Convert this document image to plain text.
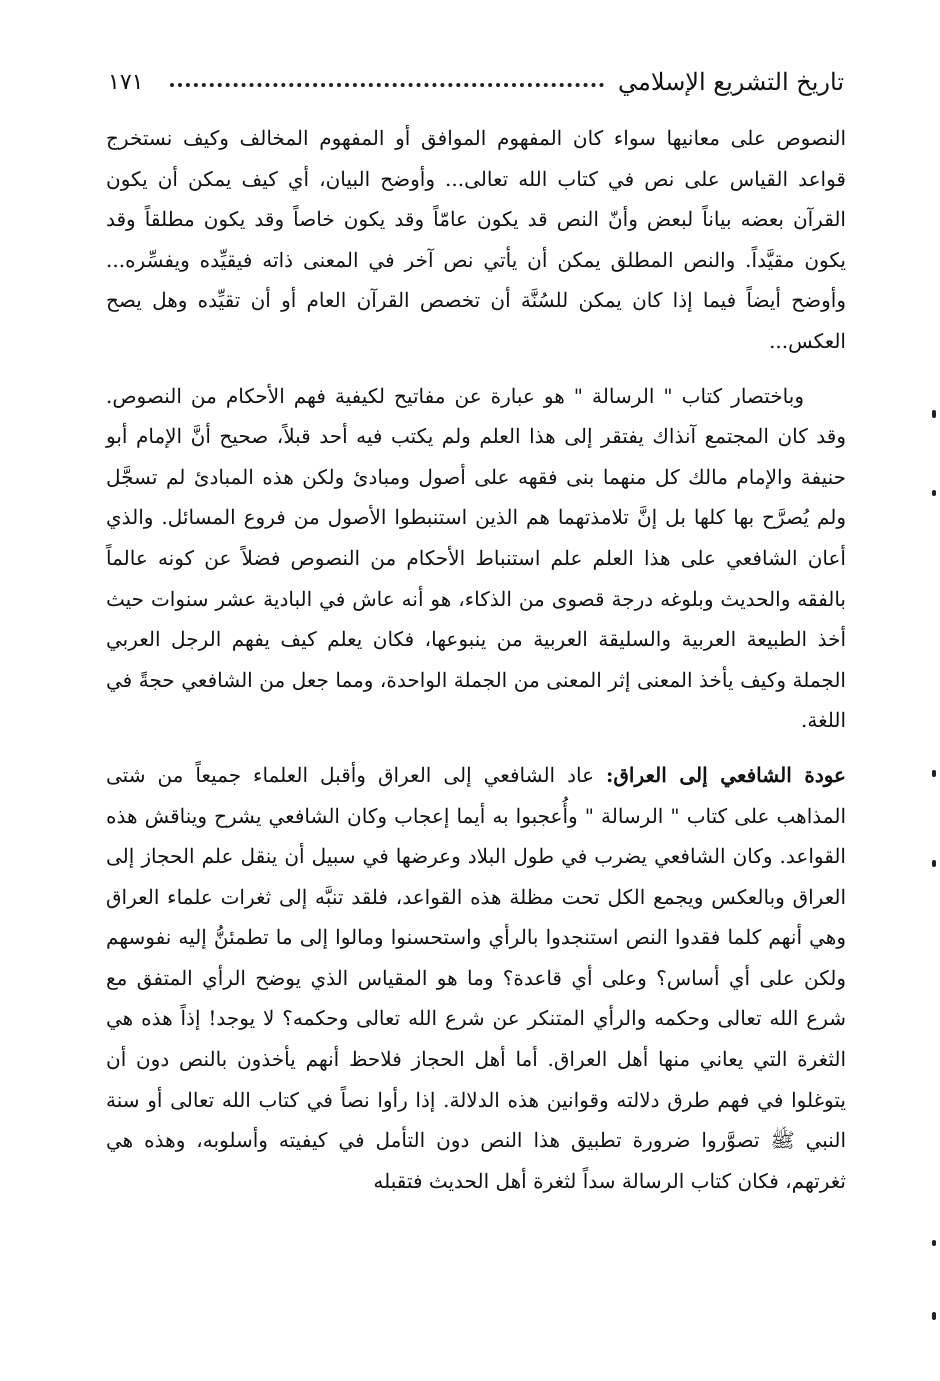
١٧١	تاريخ التشريع الإسلامي

النصوص على معانيها سواء كان المفهوم الموافق أو المفهوم المخالف وكيف نستخرج قواعد القياس على نص في كتاب الله تعالى... وأوضح البيان، أي كيف يمكن أن يكون القرآن بعضه بياناً لبعض وأنّ النص قد يكون عامّاً وقد يكون خاصاً وقد يكون مطلقاً وقد يكون مقيَّداً. والنص المطلق يمكن أن يأتي نص آخر في المعنى ذاته فيقيِّده ويفسِّره... وأوضح أيضاً فيما إذا كان يمكن للسُنَّة أن تخصص القرآن العام أو أن تقيِّده وهل يصح العكس...

وباختصار كتاب " الرسالة " هو عبارة عن مفاتيح لكيفية فهم الأحكام من النصوص. وقد كان المجتمع آنذاك يفتقر إلى هذا العلم ولم يكتب فيه أحد قبلاً، صحيح أنَّ الإمام أبو حنيفة والإمام مالك كل منهما بنى فقهه على أصول ومبادئ ولكن هذه المبادئ لم تسجَّل ولم يُصرَّح بها كلها بل إنَّ تلامذتهما هم الذين استنبطوا الأصول من فروع المسائل. والذي أعان الشافعي على هذا العلم علم استنباط الأحكام من النصوص فضلاً عن كونه عالماً بالفقه والحديث وبلوغه درجة قصوى من الذكاء، هو أنه عاش في البادية عشر سنوات حيث أخذ الطبيعة العربية والسليقة العربية من ينبوعها، فكان يعلم كيف يفهم الرجل العربي الجملة وكيف يأخذ المعنى إثر المعنى من الجملة الواحدة، ومما جعل من الشافعي حجةً في اللغة.

عودة الشافعي إلى العراق: عاد الشافعي إلى العراق وأقبل العلماء جميعاً من شتى المذاهب على كتاب " الرسالة " وأُعجبوا به أيما إعجاب وكان الشافعي يشرح ويناقش هذه القواعد. وكان الشافعي يضرب في طول البلاد وعرضها في سبيل أن ينقل علم الحجاز إلى العراق وبالعكس ويجمع الكل تحت مظلة هذه القواعد، فلقد تنبَّه إلى ثغرات علماء العراق وهي أنهم كلما فقدوا النص استنجدوا بالرأي واستحسنوا ومالوا إلى ما تطمئنُّ إليه نفوسهم ولكن على أي أساس؟ وعلى أي قاعدة؟ وما هو المقياس الذي يوضح الرأي المتفق مع شرع الله تعالى وحكمه والرأي المتنكر عن شرع الله تعالى وحكمه؟ لا يوجد! إذاً هذه هي الثغرة التي يعاني منها أهل العراق. أما أهل الحجاز فلاحظ أنهم يأخذون بالنص دون أن يتوغلوا في فهم طرق دلالته وقوانين هذه الدلالة. إذا رأوا نصاً في كتاب الله تعالى أو سنة النبي ﷺ تصوَّروا ضرورة تطبيق هذا النص دون التأمل في كيفيته وأسلوبه، وهذه هي ثغرتهم، فكان كتاب الرسالة سداً لثغرة أهل الحديث فتقبله
